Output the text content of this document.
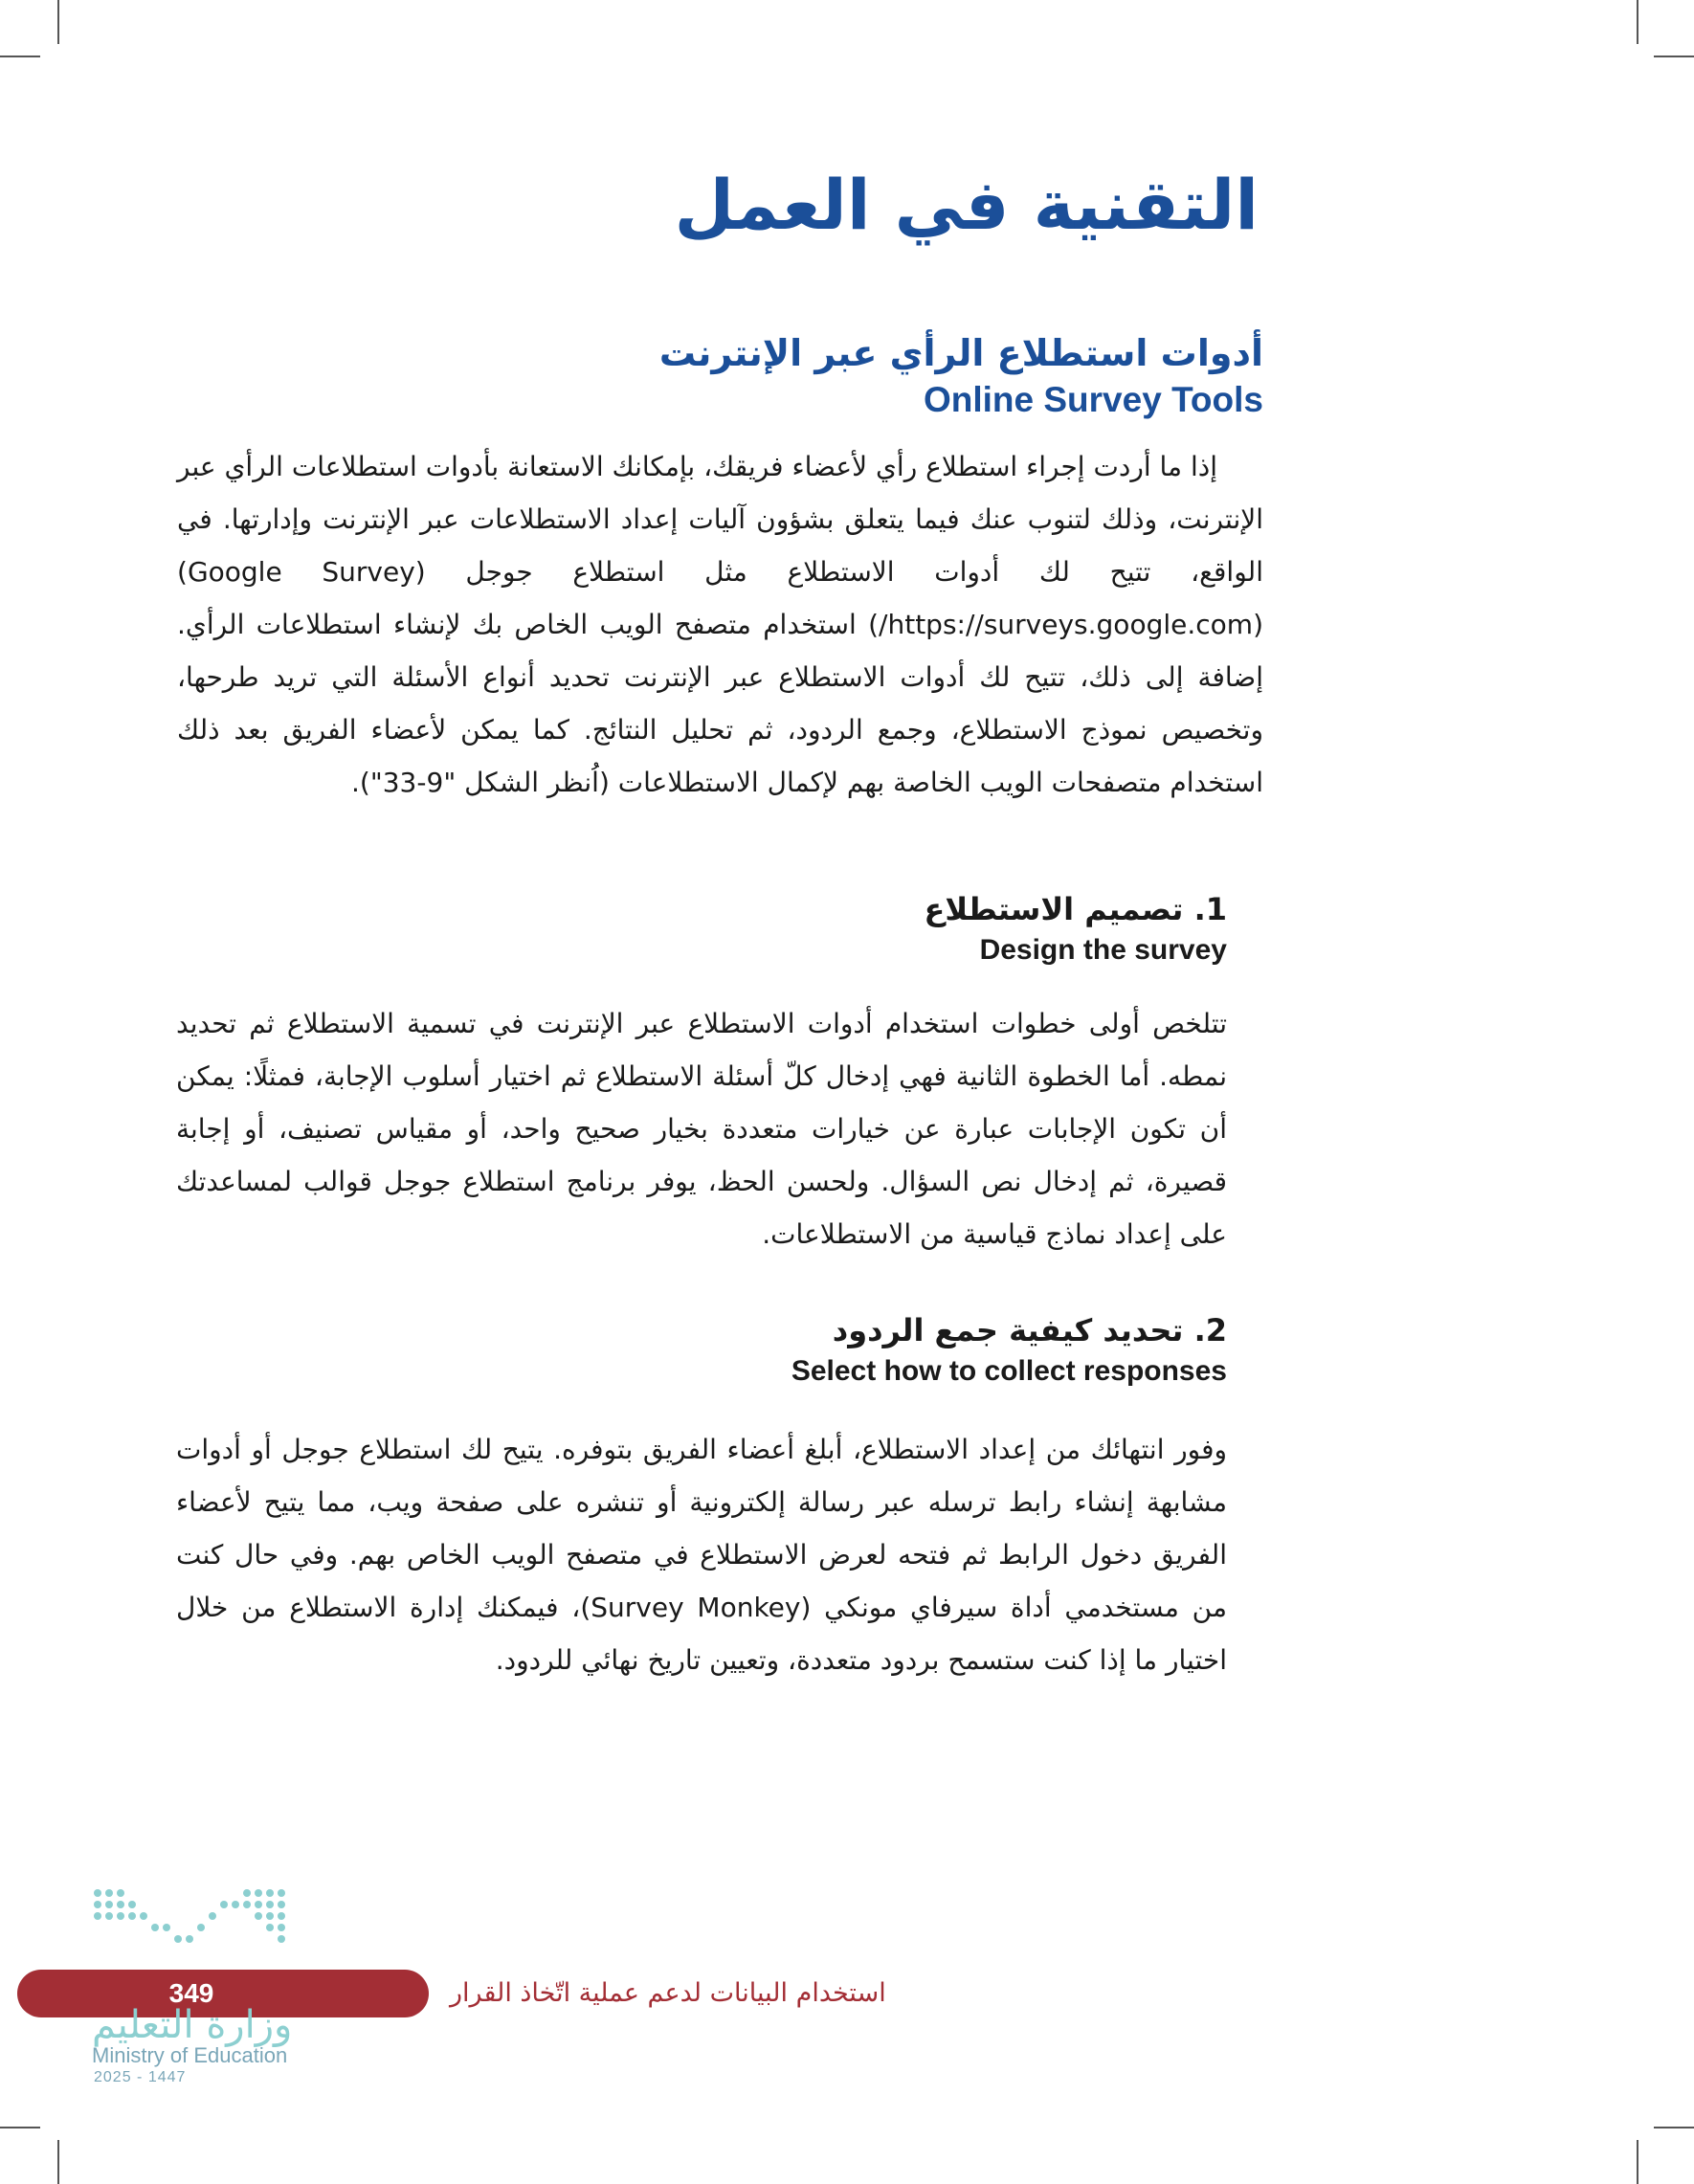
التقنية في العمل
أدوات استطلاع الرأي عبر الإنترنت
Online Survey Tools

إذا ما أردت إجراء استطلاع رأي لأعضاء فريقك، بإمكانك الاستعانة بأدوات استطلاعات الرأي عبر الإنترنت، وذلك لتنوب عنك فيما يتعلق بشؤون آليات إعداد الاستطلاعات عبر الإنترنت وإدارتها. في الواقع، تتيح لك أدوات الاستطلاع مثل استطلاع جوجل (Google Survey) (https://surveys.google.com/) استخدام متصفح الويب الخاص بك لإنشاء استطلاعات الرأي. إضافة إلى ذلك، تتيح لك أدوات الاستطلاع عبر الإنترنت تحديد أنواع الأسئلة التي تريد طرحها، وتخصيص نموذج الاستطلاع، وجمع الردود، ثم تحليل النتائج. كما يمكن لأعضاء الفريق بعد ذلك استخدام متصفحات الويب الخاصة بهم لإكمال الاستطلاعات (اُنظر الشكل "9-33").

1. تصميم الاستطلاع
Design the survey

تتلخص أولى خطوات استخدام أدوات الاستطلاع عبر الإنترنت في تسمية الاستطلاع ثم تحديد نمطه. أما الخطوة الثانية فهي إدخال كلّ أسئلة الاستطلاع ثم اختيار أسلوب الإجابة، فمثلًا: يمكن أن تكون الإجابات عبارة عن خيارات متعددة بخيار صحيح واحد، أو مقياس تصنيف، أو إجابة قصيرة، ثم إدخال نص السؤال. ولحسن الحظ، يوفر برنامج استطلاع جوجل قوالب لمساعدتك على إعداد نماذج قياسية من الاستطلاعات.

2. تحديد كيفية جمع الردود
Select how to collect responses

وفور انتهائك من إعداد الاستطلاع، أبلغ أعضاء الفريق بتوفره. يتيح لك استطلاع جوجل أو أدوات مشابهة إنشاء رابط ترسله عبر رسالة إلكترونية أو تنشره على صفحة ويب، مما يتيح لأعضاء الفريق دخول الرابط ثم فتحه لعرض الاستطلاع في متصفح الويب الخاص بهم. وفي حال كنت من مستخدمي أداة سيرفاي مونكي (Survey Monkey)، فيمكنك إدارة الاستطلاع من خلال اختيار ما إذا كنت ستسمح بردود متعددة، وتعيين تاريخ نهائي للردود.

349	استخدام البيانات لدعم عملية اتّخاذ القرار
وزارة التعليم
Ministry of Education
2025 - 1447
